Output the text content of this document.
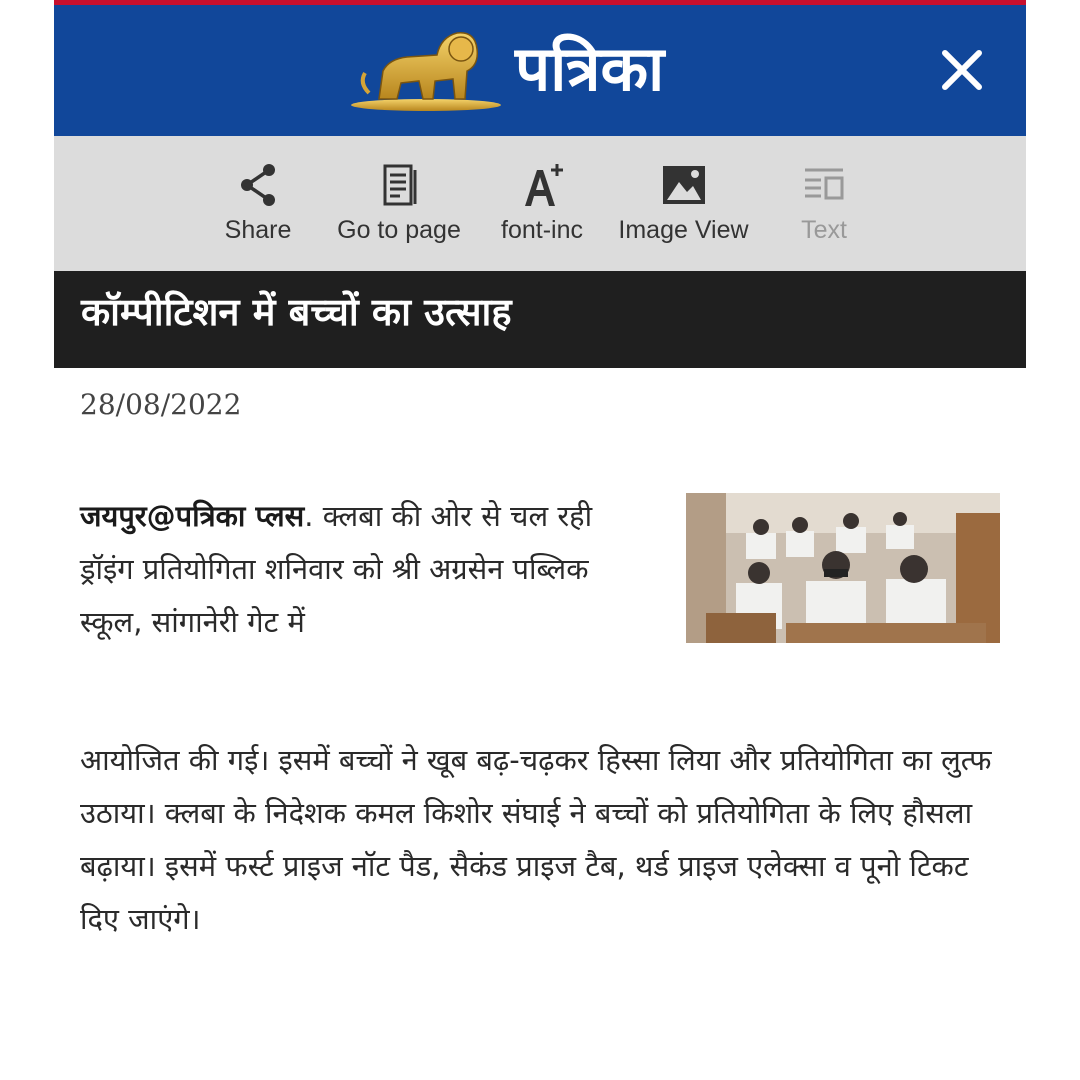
पत्रिका
Share	Go to page	font-inc	Image View	Text
कॉम्पीटिशन में बच्चों का उत्साह
28/08/2022
जयपुर@पत्रिका प्लस. क्लबा की ओर से चल रही ड्रॉइंग प्रतियोगिता शनिवार को श्री अग्रसेन पब्लिक स्कूल, सांगानेरी गेट में
आयोजित की गई। इसमें बच्चों ने खूब बढ़-चढ़कर हिस्सा लिया और प्रतियोगिता का लुत्फ उठाया। क्लबा के निदेशक कमल किशोर संघाई ने बच्चों को प्रतियोगिता के लिए हौसला बढ़ाया। इसमें फर्स्ट प्राइज नॉट पैड, सैकंड प्राइज टैब, थर्ड प्राइज एलेक्सा व पूनो टिकट दिए जाएंगे।
